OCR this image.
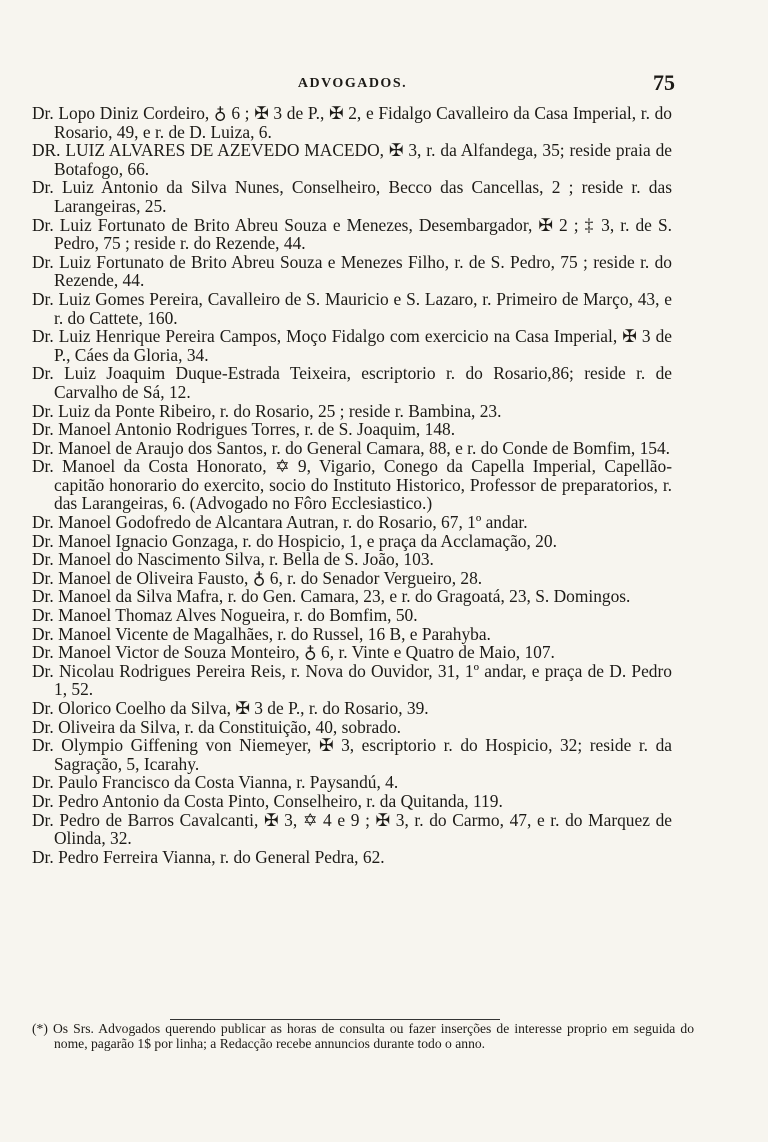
ADVOGADOS.	75

Dr. Lopo Diniz Cordeiro, ♁ 6 ; ✠ 3 de P., ✠ 2, e Fidalgo Cavalleiro da Casa Imperial, r. do Rosario, 49, e r. de D. Luiza, 6.

DR. LUIZ ALVARES DE AZEVEDO MACEDO, ✠ 3, r. da Alfandega, 35; reside praia de Botafogo, 66.

Dr. Luiz Antonio da Silva Nunes, Conselheiro, Becco das Cancellas, 2 ; reside r. das Larangeiras, 25.

Dr. Luiz Fortunato de Brito Abreu Souza e Menezes, Desembargador, ✠ 2 ; ‡ 3, r. de S. Pedro, 75 ; reside r. do Rezende, 44.

Dr. Luiz Fortunato de Brito Abreu Souza e Menezes Filho, r. de S. Pedro, 75 ; reside r. do Rezende, 44.

Dr. Luiz Gomes Pereira, Cavalleiro de S. Mauricio e S. Lazaro, r. Primeiro de Março, 43, e r. do Cattete, 160.

Dr. Luiz Henrique Pereira Campos, Moço Fidalgo com exercicio na Casa Imperial, ✠ 3 de P., Cáes da Gloria, 34.

Dr. Luiz Joaquim Duque-Estrada Teixeira, escriptorio r. do Rosario,86; reside r. de Carvalho de Sá, 12.

Dr. Luiz da Ponte Ribeiro, r. do Rosario, 25 ; reside r. Bambina, 23.

Dr. Manoel Antonio Rodrigues Torres, r. de S. Joaquim, 148.

Dr. Manoel de Araujo dos Santos, r. do General Camara, 88, e r. do Conde de Bomfim, 154.

Dr. Manoel da Costa Honorato, ✡ 9, Vigario, Conego da Capella Imperial, Capellão-capitão honorario do exercito, socio do Instituto Historico, Professor de preparatorios, r. das Larangeiras, 6. (Advogado no Fôro Ecclesiastico.)

Dr. Manoel Godofredo de Alcantara Autran, r. do Rosario, 67, 1º andar.

Dr. Manoel Ignacio Gonzaga, r. do Hospicio, 1, e praça da Acclamação, 20.

Dr. Manoel do Nascimento Silva, r. Bella de S. João, 103.

Dr. Manoel de Oliveira Fausto, ♁ 6, r. do Senador Vergueiro, 28.

Dr. Manoel da Silva Mafra, r. do Gen. Camara, 23, e r. do Gragoatá, 23, S. Domingos.

Dr. Manoel Thomaz Alves Nogueira, r. do Bomfim, 50.

Dr. Manoel Vicente de Magalhães, r. do Russel, 16 B, e Parahyba.

Dr. Manoel Victor de Souza Monteiro, ♁ 6, r. Vinte e Quatro de Maio, 107.

Dr. Nicolau Rodrigues Pereira Reis, r. Nova do Ouvidor, 31, 1º andar, e praça de D. Pedro 1, 52.

Dr. Olorico Coelho da Silva, ✠ 3 de P., r. do Rosario, 39.

Dr. Oliveira da Silva, r. da Constituição, 40, sobrado.

Dr. Olympio Giffening von Niemeyer, ✠ 3, escriptorio r. do Hospicio, 32; reside r. da Sagração, 5, Icarahy.

Dr. Paulo Francisco da Costa Vianna, r. Paysandú, 4.

Dr. Pedro Antonio da Costa Pinto, Conselheiro, r. da Quitanda, 119.

Dr. Pedro de Barros Cavalcanti, ✠ 3, ✡ 4 e 9 ; ✠ 3, r. do Carmo, 47, e r. do Marquez de Olinda, 32.

Dr. Pedro Ferreira Vianna, r. do General Pedra, 62.

(*) Os Srs. Advogados querendo publicar as horas de consulta ou fazer inserções de interesse proprio em seguida do nome, pagarão 1$ por linha; a Redacção recebe annuncios durante todo o anno.
